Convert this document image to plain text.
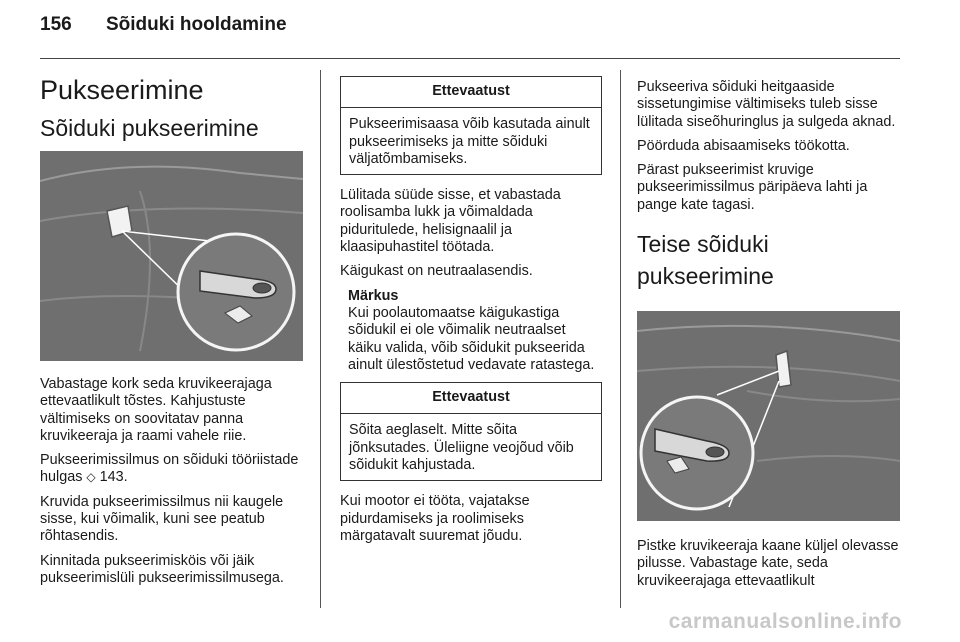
156 Sõiduki hooldamine
Pukseerimine
Sõiduki pukseerimine

Vabastage kork seda kruvikeerajaga ettevaatlikult tõstes. Kahjustuste vältimiseks on soovitatav panna kruvikeeraja ja raami vahele riie.

Pukseerimissilmus on sõiduki tööriistade hulgas ◇ 143.

Kruvida pukseerimissilmus nii kaugele sisse, kui võimalik, kuni see peatub rõhtasendis.

Kinnitada pukseerimisköis või jäik pukseerimislüli pukseerimissilmusega.

Ettevaatust
Pukseerimisaasa võib kasutada ainult pukseerimiseks ja mitte sõiduki väljatõmbamiseks.

Lülitada süüde sisse, et vabastada roolisamba lukk ja võimaldada piduritulede, helisignaalil ja klaasipuhastitel töötada.

Käigukast on neutraalasendis.

Märkus
Kui poolautomaatse käigukastiga sõidukil ei ole võimalik neutraalset käiku valida, võib sõidukit pukseerida ainult ülestõstetud vedavate ratastega.
Ettevaatust
Sõita aeglaselt. Mitte sõita jõnksutades. Üleliigne veojõud võib sõidukit kahjustada.

Kui mootor ei tööta, vajatakse pidurdamiseks ja roolimiseks märgatavalt suuremat jõudu.

Pukseeriva sõiduki heitgaaside sissetungimise vältimiseks tuleb sisse lülitada siseõhuringlus ja sulgeda aknad.

Pöörduda abisaamiseks töökotta.

Pärast pukseerimist kruvige pukseerimissilmus päripäeva lahti ja pange kate tagasi.

Teise sõiduki pukseerimine

Pistke kruvikeeraja kaane küljel olevasse pilusse. Vabastage kate, seda kruvikeerajaga ettevaatlikult

carmanualsonline.info
